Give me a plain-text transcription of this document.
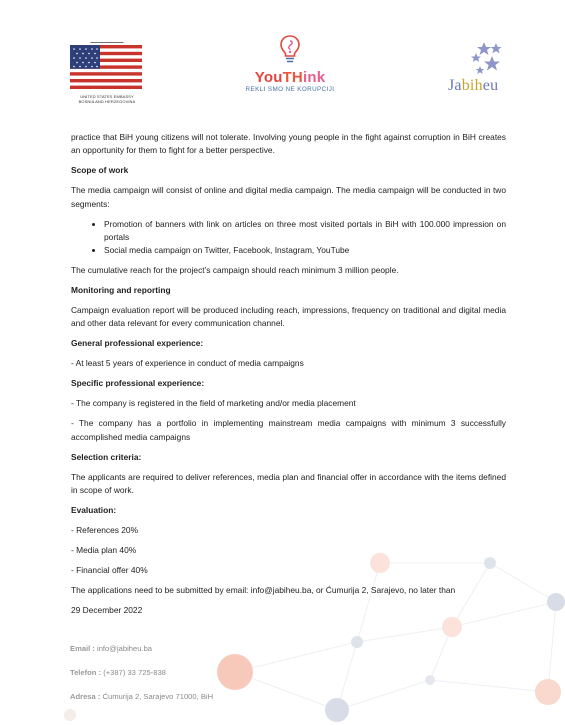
▬▬▬▬▬▬▬▬▬▬▬
UNITED STATES EMBASSY
BOSNIA AND HERZEGOVINA
YouTHink
REKLI SMO NE KORUPCIJI	Jabiheu

practice that BiH young citizens will not tolerate. Involving young people in the fight against corruption in BiH creates an opportunity for them to fight for a better perspective.

Scope of work

The media campaign will consist of online and digital media campaign. The media campaign will be conducted in two segments:

• Promotion of banners with link on articles on three most visited portals in BiH with 100.000 impression on portals
• Social media campaign on Twitter, Facebook, Instagram, YouTube

The cumulative reach for the project’s campaign should reach minimum 3 million people.

Monitoring and reporting

Campaign evaluation report will be produced including reach, impressions, frequency on traditional and digital media and other data relevant for every communication channel.

General professional experience:

- At least 5 years of experience in conduct of media campaigns

Specific professional experience:

- The company is registered in the field of marketing and/or media placement

- The company has a portfolio in implementing mainstream media campaigns with minimum 3 successfully accomplished media campaigns

Selection criteria:

The applicants are required to deliver references, media plan and financial offer in accordance with the items defined in scope of work.

Evaluation:

- References 20%

- Media plan 40%

- Financial offer 40%

The applications need to be submitted by email: info@jabiheu.ba, or Ćumurija 2, Sarajevo, no later than

29 December 2022

Email : info@jabiheu.ba
Telefon : (+387) 33 725-838
Adresa : Ćumurija 2, Sarajevo 71000, BiH
